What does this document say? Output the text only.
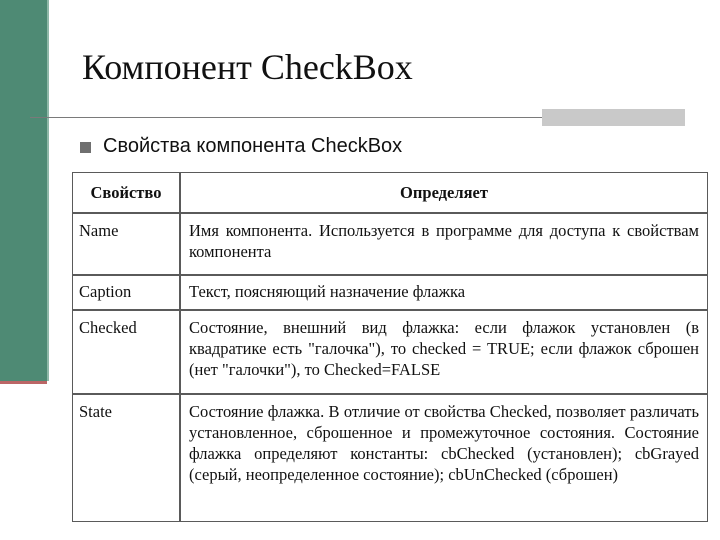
Компонент CheckBox
Свойства компонента CheckBox
Свойство	Определяет
Name	Имя компонента. Используется в программе для доступа к свойствам компонента
Caption	Текст, поясняющий назначение флажка
Checked	Состояние, внешний вид флажка: если флажок установлен (в квадратике есть "галочка"), то checked = TRUE; если флажок сброшен (нет "галочки"), то Checked=FALSE
State	Состояние флажка. В отличие от свойства Checked, позволяет различать установленное, сброшенное и промежуточное состояния. Состояние флажка определяют константы: cbChecked (установлен); cbGrayed (серый, неопределенное состояние); cbUnChecked (сброшен)
